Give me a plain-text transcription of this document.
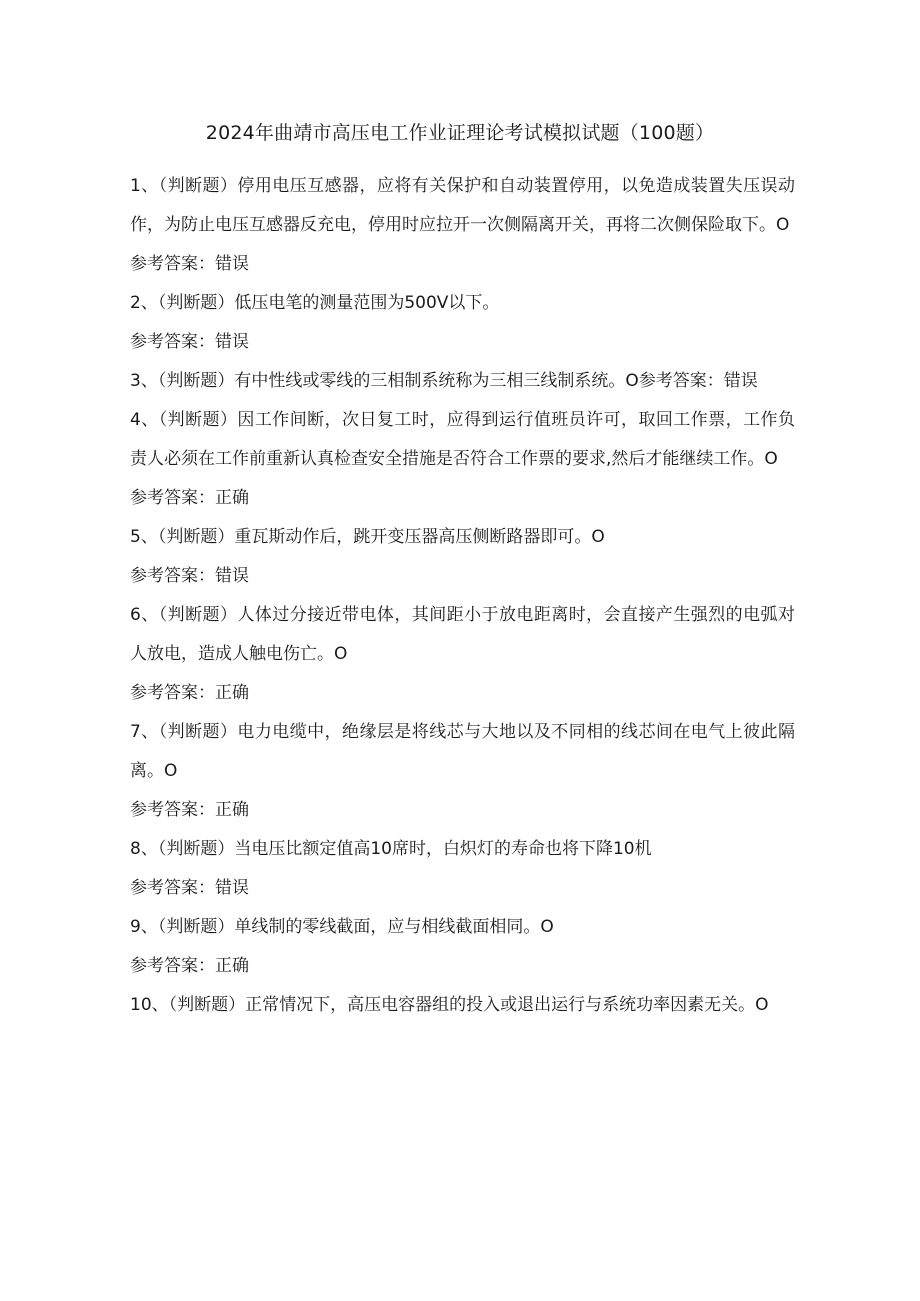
2024年曲靖市高压电工作业证理论考试模拟试题（100题）

1、（判断题）停用电压互感器，应将有关保护和自动装置停用，以免造成装置失压误动作，为防止电压互感器反充电，停用时应拉开一次侧隔离开关，再将二次侧保险取下。O

参考答案：错误

2、（判断题）低压电笔的测量范围为500V以下。

参考答案：错误

3、（判断题）有中性线或零线的三相制系统称为三相三线制系统。O参考答案：错误

4、（判断题）因工作间断，次日复工时，应得到运行值班员许可，取回工作票，工作负责人必须在工作前重新认真检查安全措施是否符合工作票的要求,然后才能继续工作。O

参考答案：正确

5、（判断题）重瓦斯动作后，跳开变压器高压侧断路器即可。O

参考答案：错误

6、（判断题）人体过分接近带电体，其间距小于放电距离时，会直接产生强烈的电弧对人放电，造成人触电伤亡。O

参考答案：正确

7、（判断题）电力电缆中，绝缘层是将线芯与大地以及不同相的线芯间在电气上彼此隔离。O

参考答案：正确

8、（判断题）当电压比额定值高10席时，白炽灯的寿命也将下降10机

参考答案：错误

9、（判断题）单线制的零线截面，应与相线截面相同。O

参考答案：正确

10、（判断题）正常情况下，高压电容器组的投入或退出运行与系统功率因素无关。O
